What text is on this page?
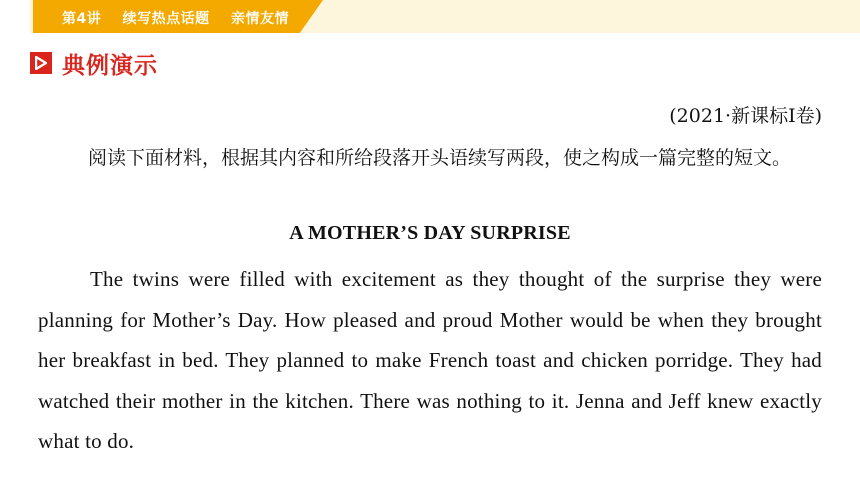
第4讲 续写热点话题 亲情友情
典例演示
(2021·新课标Ⅰ卷)
阅读下面材料，根据其内容和所给段落开头语续写两段，使之构成一篇完整的短文。
A MOTHER’S DAY SURPRISE
The twins were filled with excitement as they thought of the surprise they were planning for Mother’s Day. How pleased and proud Mother would be when they brought her breakfast in bed. They planned to make French toast and chicken porridge. They had watched their mother in the kitchen. There was nothing to it. Jenna and Jeff knew exactly what to do.
